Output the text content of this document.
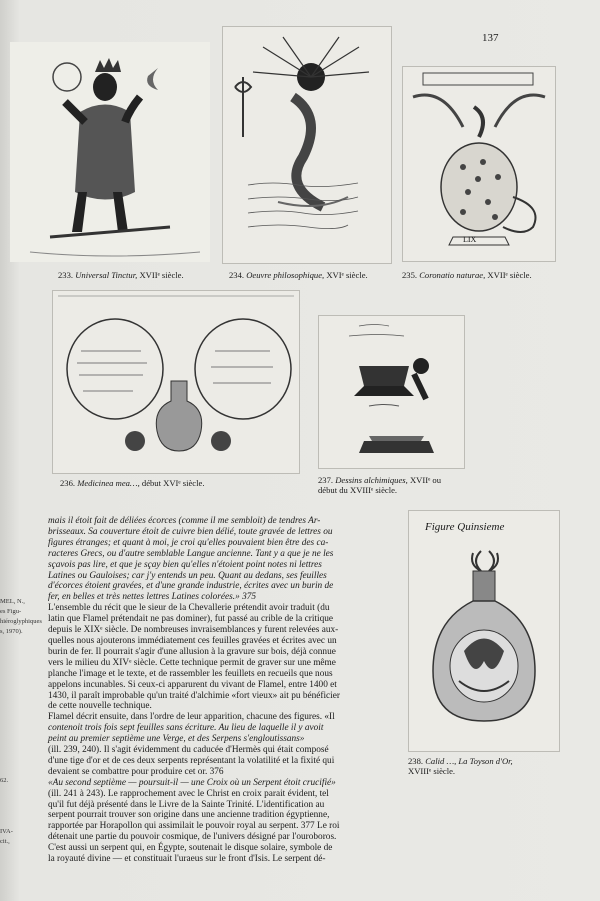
137
233. Universal Tinctur, XVIIᵉ siècle.	234. Oeuvre philosophique, XVIᵉ siècle.
LIX
235. Coronatio naturae, XVIIᵉ siècle.
236. Medicinea mea…, début XVIᵉ siècle.	237. Dessins alchimiques, XVIIᵉ ou
début du XVIIIᵉ siècle.
Figure Quinsieme
238. Calid …, La Toyson d'Or,
XVIIIᵉ siècle.
MEL, N.,
es Figu-
hiéroglyphiques
s, 1970).
62.
IVA-
cit.,

mais il étoit fait de déliées écorces (comme il me sembloit) de tendres Ar-

brisseaux. Sa couverture étoit de cuivre bien délié, toute gravée de lettres ou

figures étranges; et quant à moi, je croi qu'elles pouvaient bien être des ca-

racteres Grecs, ou d'autre semblable Langue ancienne. Tant y a que je ne les

sçavois pas lire, et que je sçay bien qu'elles n'étoient point notes ni lettres

Latines ou Gauloises; car j'y entends un peu. Quant au dedans, ses feuilles

d'écorces étoient gravées, et d'une grande industrie, écrites avec un burin de

fer, en belles et très nettes lettres Latines colorées.» 375

L'ensemble du récit que le sieur de la Chevallerie prétendit avoir traduit (du

latin que Flamel prétendait ne pas dominer), fut passé au crible de la critique

depuis le XIXᵉ siècle. De nombreuses invraisemblances y furent relevées aux-

quelles nous ajouterons immédiatement ces feuilles gravées et écrites avec un

burin de fer. Il pourrait s'agir d'une allusion à la gravure sur bois, déjà connue

vers le milieu du XIVᵉ siècle. Cette technique permit de graver sur une même

planche l'image et le texte, et de rassembler les feuillets en recueils que nous

appelons incunables. Si ceux-ci apparurent du vivant de Flamel, entre 1400 et

1430, il paraît improbable qu'un traité d'alchimie «fort vieux» ait pu bénéficier

de cette nouvelle technique.

Flamel décrit ensuite, dans l'ordre de leur apparition, chacune des figures. «Il

contenoit trois fois sept feuilles sans écriture. Au lieu de laquelle il y avoit

peint au premier septième une Verge, et des Serpens s'engloutissans»

(ill. 239, 240). Il s'agit évidemment du caducée d'Hermès qui était composé

d'une tige d'or et de ces deux serpents représentant la volatilité et la fixité qui

devaient se combattre pour produire cet or. 376

«Au second septième — poursuit-il — une Croix où un Serpent étoit crucifié»

(ill. 241 à 243). Le rapprochement avec le Christ en croix parait évident, tel

qu'il fut déjà présenté dans le Livre de la Sainte Trinité. L'identification au

serpent pourrait trouver son origine dans une ancienne tradition égyptienne,

rapportée par Horapollon qui assimilait le pouvoir royal au serpent. 377 Le roi

détenait une partie du pouvoir cosmique, de l'univers désigné par l'ouroboros.

C'est aussi un serpent qui, en Égypte, soutenait le disque solaire, symbole de

la royauté divine — et constituait l'uraeus sur le front d'Isis. Le serpent dé-
